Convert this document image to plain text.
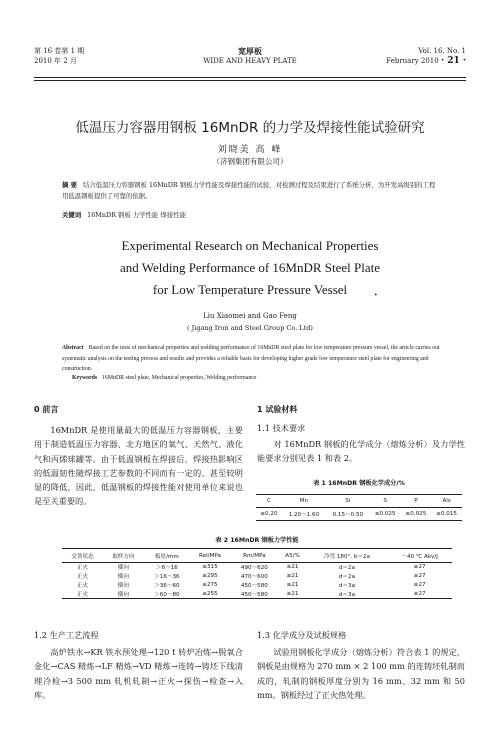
第 16 卷第 1 期
2010 年 2 月
宽厚板
WIDE AND HEAVY PLATE
Vol. 16. No. 1
February 2010 · 21 ·
低温压力容器用钢板 16MnDR 的力学及焊接性能试验研究
刘晓美 高 峰
（济钢集团有限公司）
摘 要 结合低温压力容器钢板 16MnDR 钢板力学性能及焊接性能的试验，对检测过程及结果进行了系统分析，为开发高级别的工程用低温钢板提供了可靠的依据。
关键词 16MnDR 钢板 力学性能 焊接性能
Experimental Research on Mechanical Properties
and Welding Performance of 16MnDR Steel Plate
for Low Temperature Pressure Vessel	•
Liu Xiaomei and Gao Feng
( Jigang Iron and Steel Group Co. Ltd)
Abstract Based on the tests of mechanical properties and welding performance of 16MnDR steel plate for low temperature pressure vessel, the article carries out systematic analysis on the testing process and results and provides a reliable basis for developing higher grade low temperature steel plate for engineering and construction.
Keywords 16MnDR steel plate, Mechanical properties, Welding performance
0 前言
16MnDR 是使用量最大的低温压力容器钢板，主要用于制造低温压力容器、北方地区的氧气、天然气、液化气和丙烯球罐等。由于低温钢板在焊接后，焊接热影响区的低温韧性随焊接工艺参数的不同而有一定的、甚至较明显的降低，因此，低温钢板的焊接性能对使用单位来说也是至关重要的。
1 试验材料
1.1 技术要求
对 16MnDR 钢板的化学成分（熔炼分析）及力学性能要求分别见表 1 和表 2。
表 1 16MnDR 钢板化学成分/%
C	Mn	Si	S	P	Als
≤0.20	1.20～1.60	0.15～0.50	≤0.025	≤0.025	≥0.015
表 2 16MnDR 钢板力学性能
交货状态	取样方向	板厚/mm	Rel/MPa	Rm/MPa	A5/%	冷弯 180°, b＝2a	－40 ℃ Akv/J
正火	横向	＞6～16	≥315	490～620	≥21	d＝2a	≥27
正火	横向	＞16～36	≥295	470～600	≥21	d＝2a	≥27
正火	横向	＞36～60	≥275	450～580	≥21	d＝3a	≥27
正火	横向	＞60～80	≥255	450～580	≥21	d＝3a	≥27
1.2 生产工艺流程
高炉铁水→KR 铁水预处理→120 t 转炉冶炼→脱氧合金化→CAS 精炼→LF 精炼→VD 精炼→连铸→铸坯下线清理冷检→3 500 mm 轧机轧制→正火→探伤→检查→入库。
1.3 化学成分及试板规格
试验用钢板化学成分（熔炼分析）符合表 1 的规定，钢板是由规格为 270 mm × 2 100 mm 的连铸坯轧制而成的，轧制的钢板厚度分别为 16 mm、32 mm 和 50 mm。钢板经过了正火热处理。
